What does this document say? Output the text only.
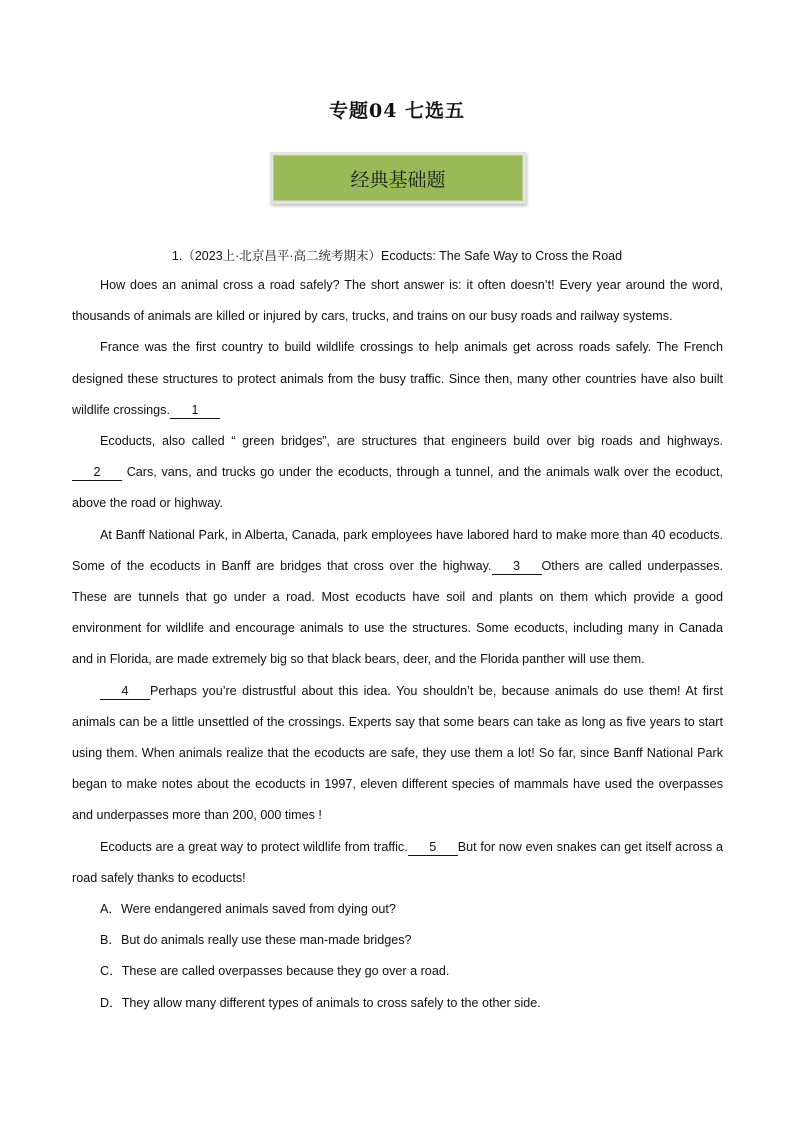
专题04 七选五
经典基础题
1.（2023上·北京昌平·高二统考期末）Ecoducts: The Safe Way to Cross the Road

How does an animal cross a road safely? The short answer is: it often doesn’t! Every year around the word, thousands of animals are killed or injured by cars, trucks, and trains on our busy roads and railway systems.

France was the first country to build wildlife crossings to help animals get across roads safely. The French designed these structures to protect animals from the busy traffic. Since then, many other countries have also built wildlife crossings. 1

Ecoducts, also called “ green bridges”, are structures that engineers build over big roads and highways.2 Cars, vans, and trucks go under the ecoducts, through a tunnel, and the animals walk over the ecoduct, above the road or highway.

At Banff National Park, in Alberta, Canada, park employees have labored hard to make more than 40 ecoducts. Some of the ecoducts in Banff are bridges that cross over the highway. 3 Others are called underpasses. These are tunnels that go under a road. Most ecoducts have soil and plants on them which provide a good environment for wildlife and encourage animals to use the structures. Some ecoducts, including many in Canada and in Florida, are made extremely big so that black bears, deer, and the Florida panther will use them.

4 Perhaps you’re distrustful about this idea. You shouldn’t be, because animals do use them! At first animals can be a little unsettled of the crossings. Experts say that some bears can take as long as five years to start using them. When animals realize that the ecoducts are safe, they use them a lot! So far, since Banff National Park began to make notes about the ecoducts in 1997, eleven different species of mammals have used the overpasses and underpasses more than 200, 000 times !

Ecoducts are a great way to protect wildlife from traffic. 5 But for now even snakes can get itself across a road safely thanks to ecoducts!

A．Were endangered animals saved from dying out?

B．But do animals really use these man-made bridges?

C．These are called overpasses because they go over a road.

D．They allow many different types of animals to cross safely to the other side.
